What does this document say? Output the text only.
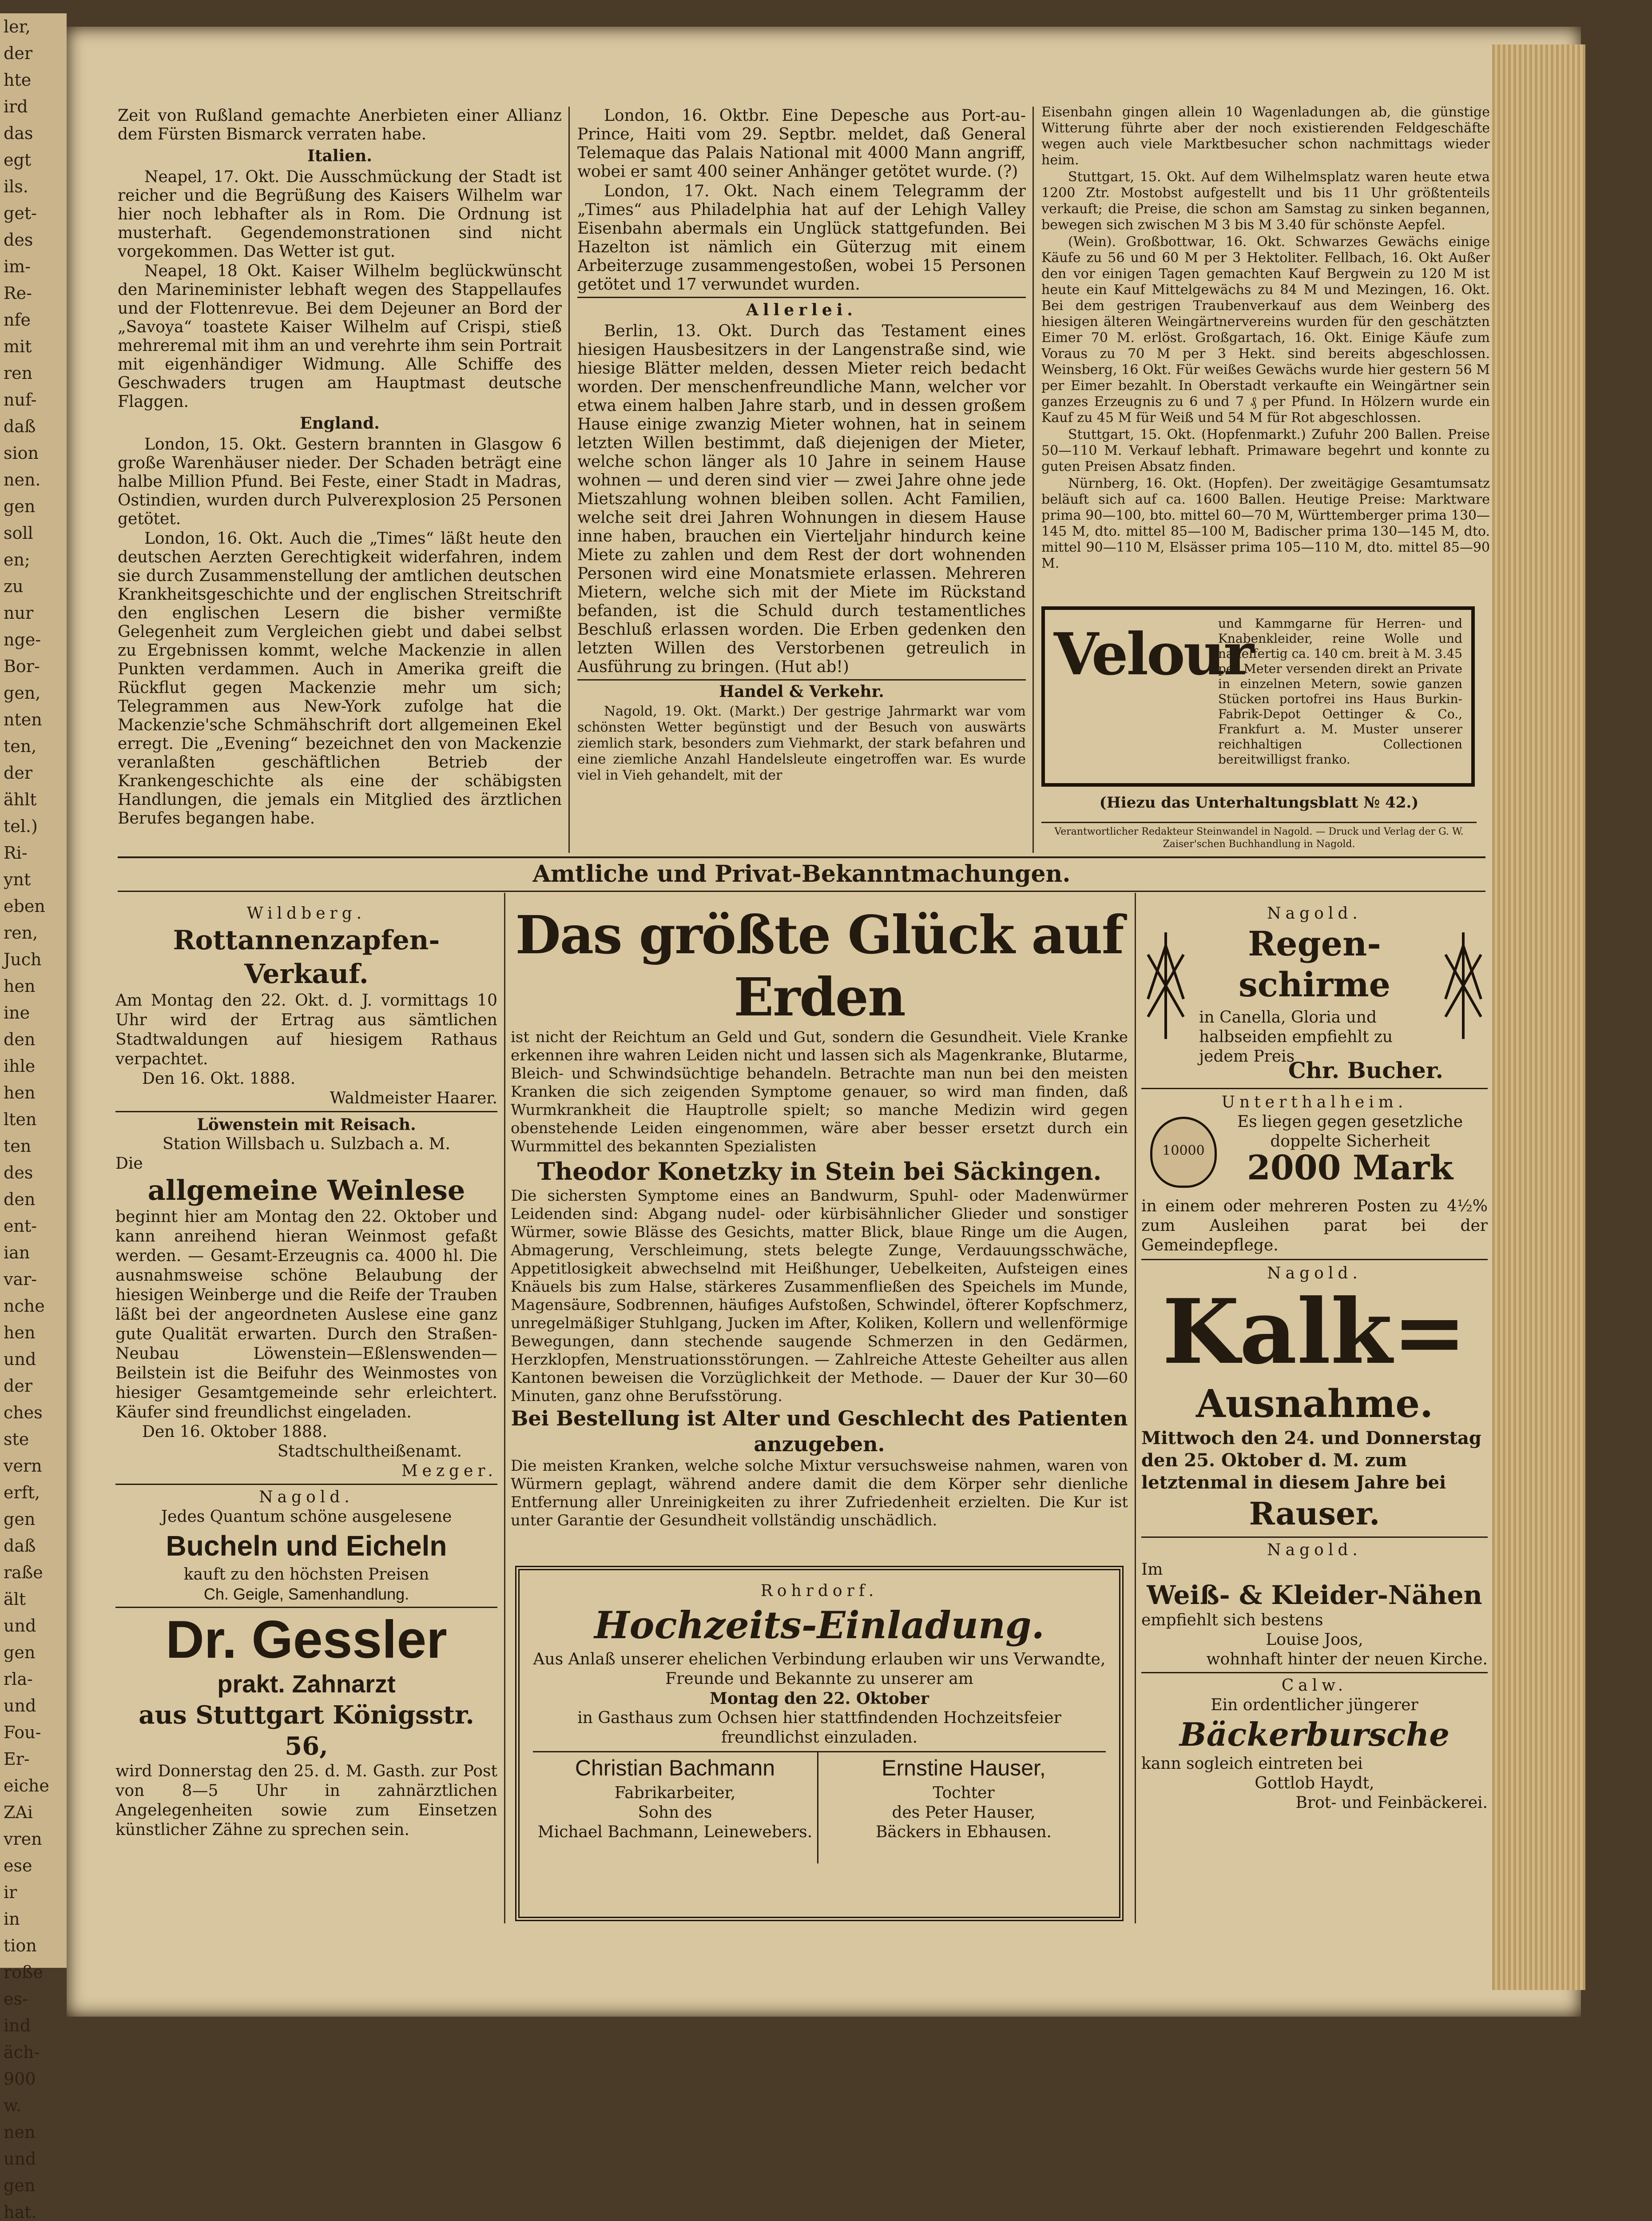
ler,
der
hte
ird
das
egt
ils.
get-
des
im-
Re-
nfe
mit
ren
nuf-
daß
sion
nen.
gen
soll
en;
zu
nur
nge-
Bor-
gen,
nten
ten,
der
ählt
tel.)
Ri-
ynt
eben
ren,
Juch
hen
ine
den
ihle
hen
lten
ten
des
den
ent-
ian
var-
nche
hen
und
der
ches
ste
vern
erft,
gen
daß
raße
ält
und
gen
rla-
und
Fou-
Er-
eiche
ZAi
vren
ese
ir
in
tion
roße
es-
ind
äch-
900
w.
nen
und
gen
hat.

Zeit von Rußland gemachte Anerbieten einer Allianz dem Fürsten Bismarck verraten habe.

Italien.

Neapel, 17. Okt. Die Ausschmückung der Stadt ist reicher und die Begrüßung des Kaisers Wilhelm war hier noch lebhafter als in Rom. Die Ordnung ist musterhaft. Gegendemonstrationen sind nicht vorgekommen. Das Wetter ist gut.

Neapel, 18 Okt. Kaiser Wilhelm beglückwünscht den Marineminister lebhaft wegen des Stappellaufes und der Flottenrevue. Bei dem Dejeuner an Bord der „Savoya“ toastete Kaiser Wilhelm auf Crispi, stieß mehreremal mit ihm an und verehrte ihm sein Portrait mit eigenhändiger Widmung. Alle Schiffe des Geschwaders trugen am Hauptmast deutsche Flaggen.

England.

London, 15. Okt. Gestern brannten in Glasgow 6 große Warenhäuser nieder. Der Schaden beträgt eine halbe Million Pfund. Bei Feste, einer Stadt in Madras, Ostindien, wurden durch Pulverexplosion 25 Personen getötet.

London, 16. Okt. Auch die „Times“ läßt heute den deutschen Aerzten Gerechtigkeit widerfahren, indem sie durch Zusammenstellung der amtlichen deutschen Krankheitsgeschichte und der englischen Streitschrift den englischen Lesern die bisher vermißte Gelegenheit zum Vergleichen giebt und dabei selbst zu Ergebnissen kommt, welche Mackenzie in allen Punkten verdammen. Auch in Amerika greift die Rückflut gegen Mackenzie mehr um sich; Telegrammen aus New-York zufolge hat die Mackenzie'sche Schmähschrift dort allgemeinen Ekel erregt. Die „Evening“ bezeichnet den von Mackenzie veranlaßten geschäftlichen Betrieb der Krankengeschichte als eine der schäbigsten Handlungen, die jemals ein Mitglied des ärztlichen Berufes begangen habe.

London, 16. Oktbr. Eine Depesche aus Port-au-Prince, Haiti vom 29. Septbr. meldet, daß General Telemaque das Palais National mit 4000 Mann angriff, wobei er samt 400 seiner Anhänger getötet wurde. (?)

London, 17. Okt. Nach einem Telegramm der „Times“ aus Philadelphia hat auf der Lehigh Valley Eisenbahn abermals ein Unglück stattgefunden. Bei Hazelton ist nämlich ein Güterzug mit einem Arbeiterzuge zusammengestoßen, wobei 15 Personen getötet und 17 verwundet wurden.

Allerlei.

Berlin, 13. Okt. Durch das Testament eines hiesigen Hausbesitzers in der Langenstraße sind, wie hiesige Blätter melden, dessen Mieter reich bedacht worden. Der menschenfreundliche Mann, welcher vor etwa einem halben Jahre starb, und in dessen großem Hause einige zwanzig Mieter wohnen, hat in seinem letzten Willen bestimmt, daß diejenigen der Mieter, welche schon länger als 10 Jahre in seinem Hause wohnen — und deren sind vier — zwei Jahre ohne jede Mietszahlung wohnen bleiben sollen. Acht Familien, welche seit drei Jahren Wohnungen in diesem Hause inne haben, brauchen ein Vierteljahr hindurch keine Miete zu zahlen und dem Rest der dort wohnenden Personen wird eine Monatsmiete erlassen. Mehreren Mietern, welche sich mit der Miete im Rückstand befanden, ist die Schuld durch testamentliches Beschluß erlassen worden. Die Erben gedenken den letzten Willen des Verstorbenen getreulich in Ausführung zu bringen. (Hut ab!)

Handel & Verkehr.

Nagold, 19. Okt. (Markt.) Der gestrige Jahrmarkt war vom schönsten Wetter begünstigt und der Besuch von auswärts ziemlich stark, besonders zum Viehmarkt, der stark befahren und eine ziemliche Anzahl Handelsleute eingetroffen war. Es wurde viel in Vieh gehandelt, mit der

Eisenbahn gingen allein 10 Wagenladungen ab, die günstige Witterung führte aber der noch existierenden Feldgeschäfte wegen auch viele Marktbesucher schon nachmittags wieder heim.

Stuttgart, 15. Okt. Auf dem Wilhelmsplatz waren heute etwa 1200 Ztr. Mostobst aufgestellt und bis 11 Uhr größtenteils verkauft; die Preise, die schon am Samstag zu sinken begannen, bewegen sich zwischen M 3 bis M 3.40 für schönste Aepfel.

(Wein). Großbottwar, 16. Okt. Schwarzes Gewächs einige Käufe zu 56 und 60 M per 3 Hektoliter. Fellbach, 16. Okt Außer den vor einigen Tagen gemachten Kauf Bergwein zu 120 M ist heute ein Kauf Mittelgewächs zu 84 M und Mezingen, 16. Okt. Bei dem gestrigen Traubenverkauf aus dem Weinberg des hiesigen älteren Weingärtnervereins wurden für den geschätzten Eimer 70 M. erlöst. Großgartach, 16. Okt. Einige Käufe zum Voraus zu 70 M per 3 Hekt. sind bereits abgeschlossen. Weinsberg, 16 Okt. Für weißes Gewächs wurde hier gestern 56 M per Eimer bezahlt. In Oberstadt verkaufte ein Weingärtner sein ganzes Erzeugnis zu 6 und 7 ₰ per Pfund. In Hölzern wurde ein Kauf zu 45 M für Weiß und 54 M für Rot abgeschlossen.

Stuttgart, 15. Okt. (Hopfenmarkt.) Zufuhr 200 Ballen. Preise 50—110 M. Verkauf lebhaft. Primaware begehrt und konnte zu guten Preisen Absatz finden.

Nürnberg, 16. Okt. (Hopfen). Der zweitägige Gesamtumsatz beläuft sich auf ca. 1600 Ballen. Heutige Preise: Marktware prima 90—100, bto. mittel 60—70 M, Württemberger prima 130—145 M, dto. mittel 85—100 M, Badischer prima 130—145 M, dto. mittel 90—110 M, Elsässer prima 105—110 M, dto. mittel 85—90 M.

Velour
und Kammgarne für Herren- und Knabenkleider, reine Wolle und nadelfertig ca. 140 cm. breit à M. 3.45 per Meter versenden direkt an Private in einzelnen Metern, sowie ganzen Stücken portofrei ins Haus Burkin-Fabrik-Depot Oettinger & Co., Frankfurt a. M. Muster unserer reichhaltigen Collectionen bereitwilligst franko.
(Hiezu das Unterhaltungsblatt № 42.)
Verantwortlicher Redakteur Steinwandel in Nagold. — Druck und Verlag der G. W. Zaiser'schen Buchhandlung in Nagold.
Amtliche und Privat-Bekanntmachungen.
Wildberg.
Rottannenzapfen-Verkauf.
Am Montag den 22. Okt. d. J. vormittags 10 Uhr wird der Ertrag aus sämtlichen Stadtwaldungen auf hiesigem Rathaus verpachtet.
Den 16. Okt. 1888.
Waldmeister Haarer.
Löwenstein mit Reisach.
Station Willsbach u. Sulzbach a. M.
Die
allgemeine Weinlese
beginnt hier am Montag den 22. Oktober und kann anreihend hieran Weinmost gefaßt werden. — Gesamt-Erzeugnis ca. 4000 hl. Die ausnahmsweise schöne Belaubung der hiesigen Weinberge und die Reife der Trauben läßt bei der angeordneten Auslese eine ganz gute Qualität erwarten. Durch den Straßen-Neubau Löwenstein—Eßlenswenden—Beilstein ist die Beifuhr des Weinmostes von hiesiger Gesamtgemeinde sehr erleichtert. Käufer sind freundlichst eingeladen.
Den 16. Oktober 1888.
Stadtschultheißenamt.
Mezger.
Nagold.
Jedes Quantum schöne ausgelesene
Bucheln und Eicheln
kauft zu den höchsten Preisen
Ch. Geigle, Samenhandlung.
Dr. Gessler
prakt. Zahnarzt
aus Stuttgart Königsstr. 56,
wird Donnerstag den 25. d. M. Gasth. zur Post von 8—5 Uhr in zahnärztlichen Angelegenheiten sowie zum Einsetzen künstlicher Zähne zu sprechen sein.
Das größte Glück auf Erden
ist nicht der Reichtum an Geld und Gut, sondern die Gesundheit. Viele Kranke erkennen ihre wahren Leiden nicht und lassen sich als Magenkranke, Blutarme, Bleich- und Schwindsüchtige behandeln. Betrachte man nun bei den meisten Kranken die sich zeigenden Symptome genauer, so wird man finden, daß Wurmkrankheit die Hauptrolle spielt; so manche Medizin wird gegen obenstehende Leiden eingenommen, wäre aber besser ersetzt durch ein Wurmmittel des bekannten Spezialisten
Theodor Konetzky in Stein bei Säckingen.
Die sichersten Symptome eines an Bandwurm, Spuhl- oder Madenwürmer Leidenden sind: Abgang nudel- oder kürbisähnlicher Glieder und sonstiger Würmer, sowie Blässe des Gesichts, matter Blick, blaue Ringe um die Augen, Abmagerung, Verschleimung, stets belegte Zunge, Verdauungsschwäche, Appetitlosigkeit abwechselnd mit Heißhunger, Uebelkeiten, Aufsteigen eines Knäuels bis zum Halse, stärkeres Zusammenfließen des Speichels im Munde, Magensäure, Sodbrennen, häufiges Aufstoßen, Schwindel, öfterer Kopfschmerz, unregelmäßiger Stuhlgang, Jucken im After, Koliken, Kollern und wellenförmige Bewegungen, dann stechende saugende Schmerzen in den Gedärmen, Herzklopfen, Menstruationsstörungen. — Zahlreiche Atteste Geheilter aus allen Kantonen beweisen die Vorzüglichkeit der Methode. — Dauer der Kur 30—60 Minuten, ganz ohne Berufsstörung.
Bei Bestellung ist Alter und Geschlecht des Patienten anzugeben.
Die meisten Kranken, welche solche Mixtur versuchsweise nahmen, waren von Würmern geplagt, während andere damit die dem Körper sehr dienliche Entfernung aller Unreinigkeiten zu ihrer Zufriedenheit erzielten. Die Kur ist unter Garantie der Gesundheit vollständig unschädlich.
Rohrdorf.
Hochzeits-Einladung.
Aus Anlaß unserer ehelichen Verbindung erlauben wir uns Verwandte, Freunde und Bekannte zu unserer am
Montag den 22. Oktober
in Gasthaus zum Ochsen hier stattfindenden Hochzeitsfeier freundlichst einzuladen.
Christian Bachmann
Fabrikarbeiter,
Sohn des
Michael Bachmann, Leinewebers.
Ernstine Hauser,
Tochter
des Peter Hauser,
Bäckers in Ebhausen.
Nagold.
Regen-schirme
in Canella, Gloria und halbseiden empfiehlt zu jedem Preis
Chr. Bucher.
Unterthalheim.
10000
Es liegen gegen gesetzliche doppelte Sicherheit
2000 Mark
in einem oder mehreren Posten zu 4½% zum Ausleihen parat bei der Gemeindepflege.
Nagold.
Kalk=
Ausnahme.
Mittwoch den 24. und Donnerstag den 25. Oktober d. M. zum letztenmal in diesem Jahre bei
Rauser.
Nagold.
Im
Weiß- & Kleider-Nähen
empfiehlt sich bestens
Louise Joos,
wohnhaft hinter der neuen Kirche.
Calw.
Ein ordentlicher jüngerer
Bäckerbursche
kann sogleich eintreten bei
Gottlob Haydt,
Brot- und Feinbäckerei.
